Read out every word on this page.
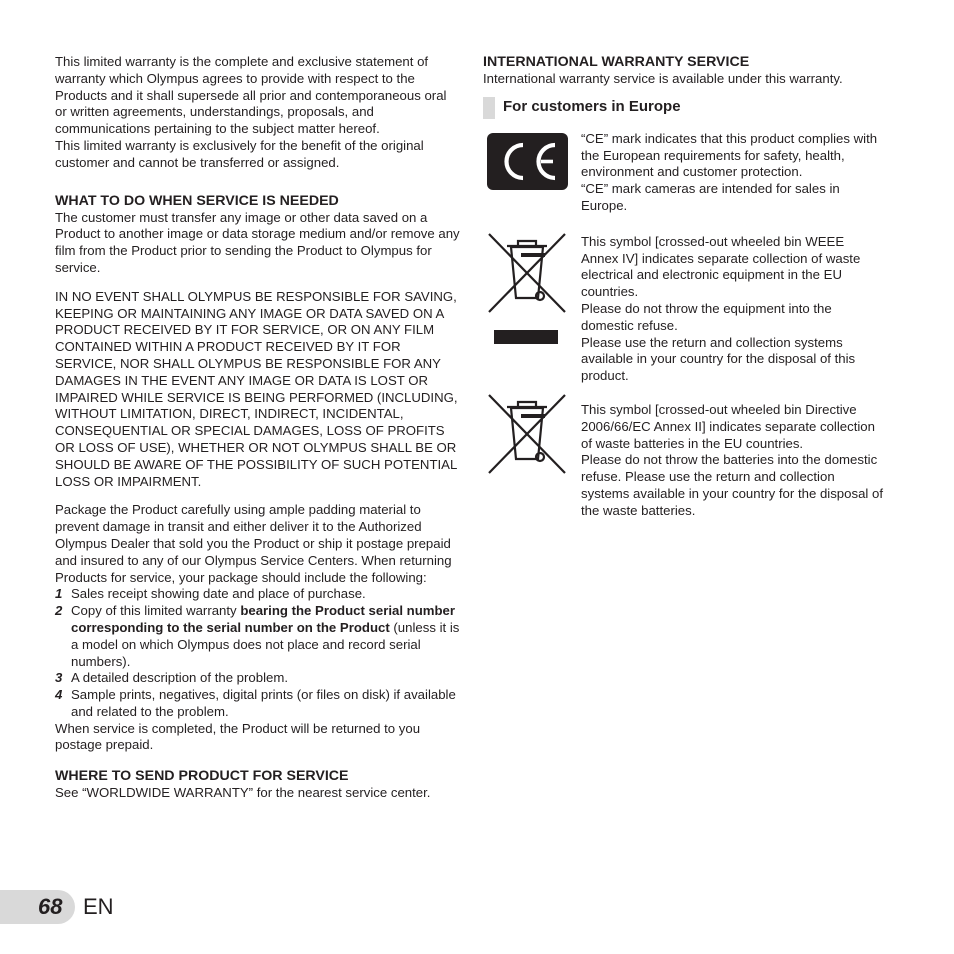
This limited warranty is the complete and exclusive statement of warranty which Olympus agrees to provide with respect to the Products and it shall supersede all prior and contemporaneous oral or written agreements, understandings, proposals, and communications pertaining to the subject matter hereof.

This limited warranty is exclusively for the benefit of the original customer and cannot be transferred or assigned.

WHAT TO DO WHEN SERVICE IS NEEDED

The customer must transfer any image or other data saved on a Product to another image or data storage medium and/or remove any film from the Product prior to sending the Product to Olympus for service.

IN NO EVENT SHALL OLYMPUS BE RESPONSIBLE FOR SAVING, KEEPING OR MAINTAINING ANY IMAGE OR DATA SAVED ON A PRODUCT RECEIVED BY IT FOR SERVICE, OR ON ANY FILM CONTAINED WITHIN A PRODUCT RECEIVED BY IT FOR SERVICE, NOR SHALL OLYMPUS BE RESPONSIBLE FOR ANY DAMAGES IN THE EVENT ANY IMAGE OR DATA IS LOST OR IMPAIRED WHILE SERVICE IS BEING PERFORMED (INCLUDING, WITHOUT LIMITATION, DIRECT, INDIRECT, INCIDENTAL, CONSEQUENTIAL OR SPECIAL DAMAGES, LOSS OF PROFITS OR LOSS OF USE), WHETHER OR NOT OLYMPUS SHALL BE OR SHOULD BE AWARE OF THE POSSIBILITY OF SUCH POTENTIAL LOSS OR IMPAIRMENT.

Package the Product carefully using ample padding material to prevent damage in transit and either deliver it to the Authorized Olympus Dealer that sold you the Product or ship it postage prepaid and insured to any of our Olympus Service Centers. When returning Products for service, your package should include the following:

1 Sales receipt showing date and place of purchase.
2 Copy of this limited warranty bearing the Product serial number corresponding to the serial number on the Product (unless it is a model on which Olympus does not place and record serial numbers).
3 A detailed description of the problem.
4 Sample prints, negatives, digital prints (or files on disk) if available and related to the problem.

When service is completed, the Product will be returned to you postage prepaid.

WHERE TO SEND PRODUCT FOR SERVICE

See “WORLDWIDE WARRANTY” for the nearest service center.

INTERNATIONAL WARRANTY SERVICE

International warranty service is available under this warranty.

For customers in Europe

“CE” mark indicates that this product complies with the European requirements for safety, health, environment and customer protection.

“CE” mark cameras are intended for sales in Europe.

This symbol [crossed-out wheeled bin WEEE Annex IV] indicates separate collection of waste electrical and electronic equipment in the EU countries.

Please do not throw the equipment into the domestic refuse.

Please use the return and collection systems available in your country for the disposal of this product.

This symbol [crossed-out wheeled bin Directive 2006/66/EC Annex II] indicates separate collection of waste batteries in the EU countries.

Please do not throw the batteries into the domestic refuse. Please use the return and collection systems available in your country for the disposal of the waste batteries.

68 EN
